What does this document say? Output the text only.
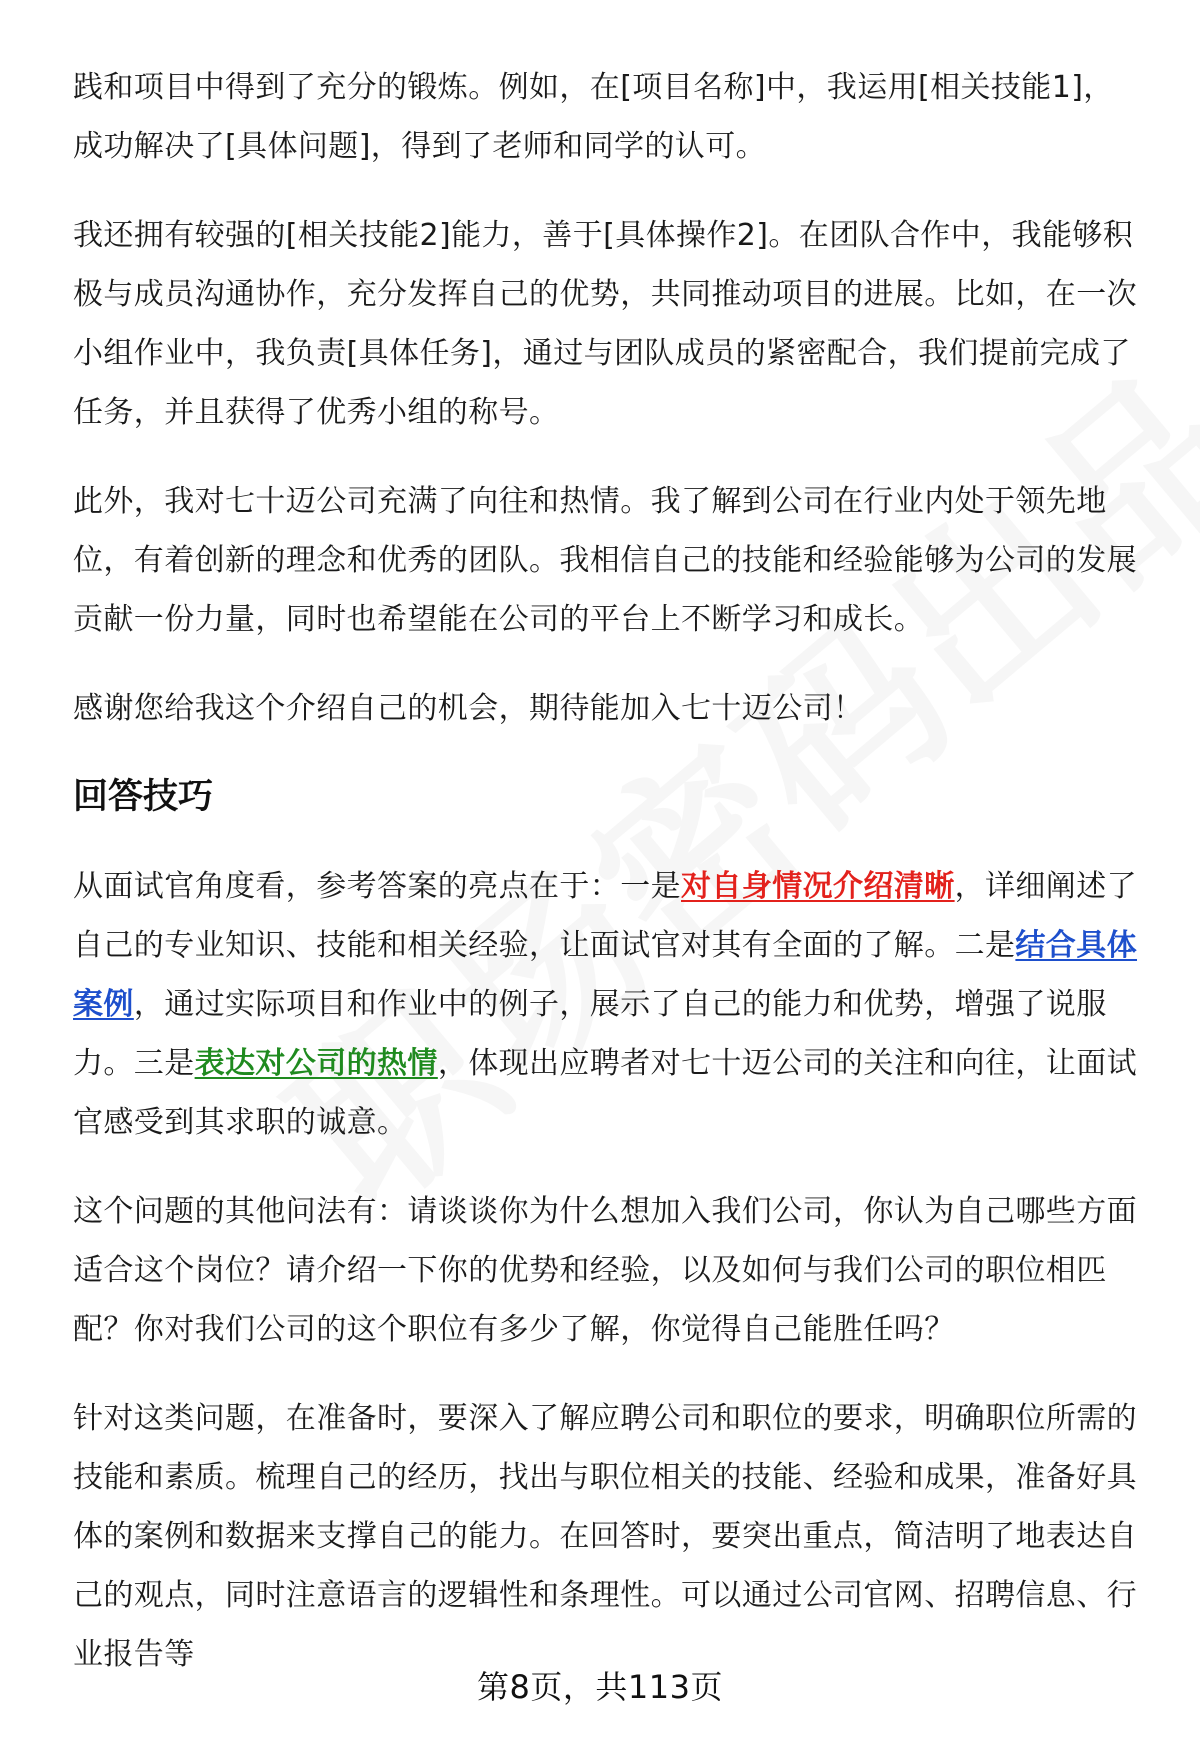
践和项目中得到了充分的锻炼。例如，在[项目名称]中，我运用[相关技能1]，成功解决了[具体问题]，得到了老师和同学的认可。

我还拥有较强的[相关技能2]能力，善于[具体操作2]。在团队合作中，我能够积极与成员沟通协作，充分发挥自己的优势，共同推动项目的进展。比如，在一次小组作业中，我负责[具体任务]，通过与团队成员的紧密配合，我们提前完成了任务，并且获得了优秀小组的称号。

此外，我对七十迈公司充满了向往和热情。我了解到公司在行业内处于领先地位，有着创新的理念和优秀的团队。我相信自己的技能和经验能够为公司的发展贡献一份力量，同时也希望能在公司的平台上不断学习和成长。

感谢您给我这个介绍自己的机会，期待能加入七十迈公司！

回答技巧

从面试官角度看，参考答案的亮点在于：一是对自身情况介绍清晰，详细阐述了自己的专业知识、技能和相关经验，让面试官对其有全面的了解。二是结合具体案例，通过实际项目和作业中的例子，展示了自己的能力和优势，增强了说服力。三是表达对公司的热情，体现出应聘者对七十迈公司的关注和向往，让面试官感受到其求职的诚意。

这个问题的其他问法有：请谈谈你为什么想加入我们公司，你认为自己哪些方面适合这个岗位？请介绍一下你的优势和经验，以及如何与我们公司的职位相匹配？你对我们公司的这个职位有多少了解，你觉得自己能胜任吗？

针对这类问题，在准备时，要深入了解应聘公司和职位的要求，明确职位所需的技能和素质。梳理自己的经历，找出与职位相关的技能、经验和成果，准备好具体的案例和数据来支撑自己的能力。在回答时，要突出重点，简洁明了地表达自己的观点，同时注意语言的逻辑性和条理性。可以通过公司官网、招聘信息、行业报告等

第8页，共113页
